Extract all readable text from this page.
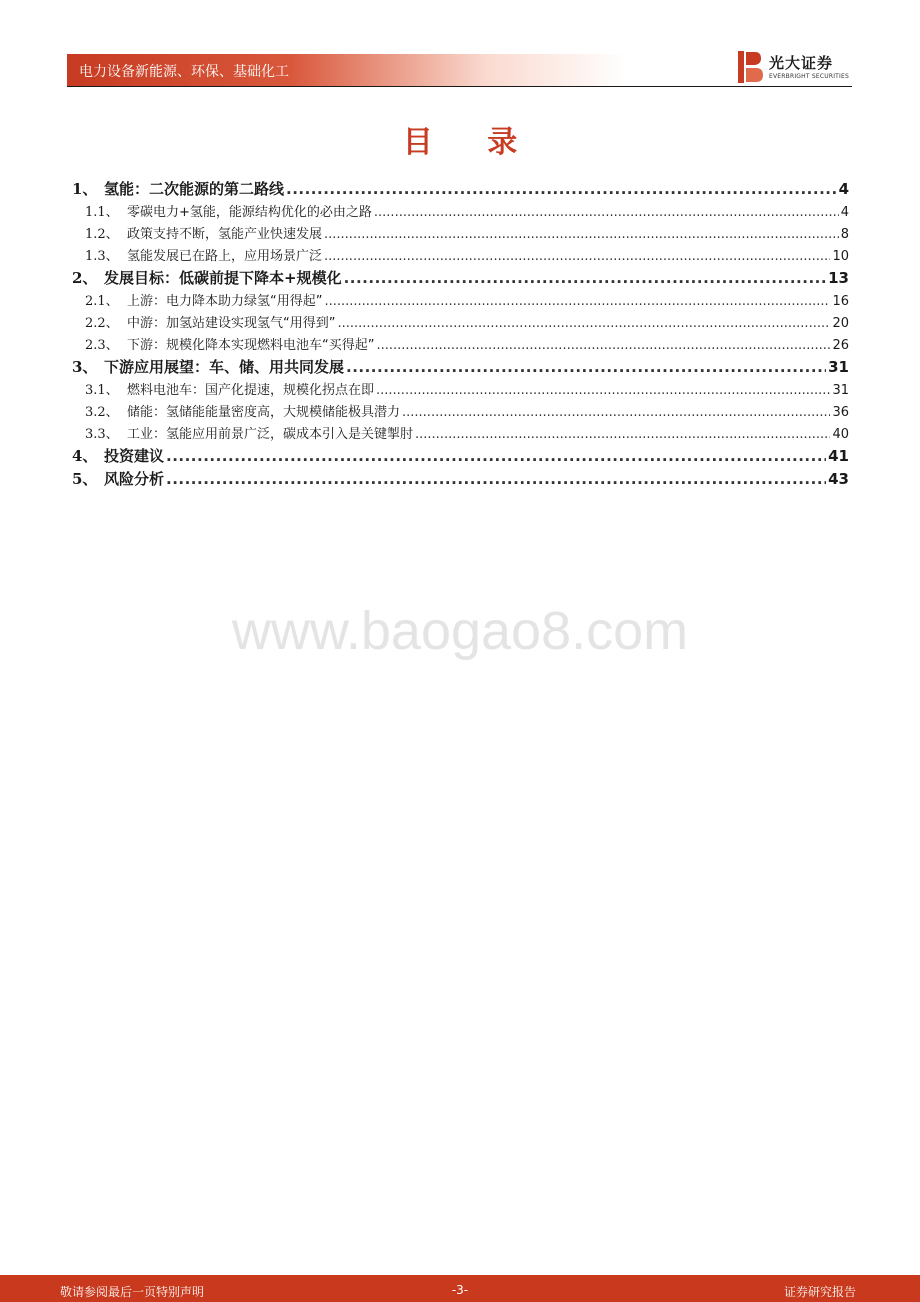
电力设备新能源、环保、基础化工	光大证券
EVERBRIGHT SECURITIES
目 录
1、 氢能：二次能源的第二路线 .....	4
1.1、 零碳电力+氢能，能源结构优化的必由之路 .....	4
1.2、 政策支持不断，氢能产业快速发展 .....	8
1.3、 氢能发展已在路上，应用场景广泛 .....	10
2、 发展目标：低碳前提下降本+规模化 .....	13
2.1、 上游：电力降本助力绿氢“用得起” .....	16
2.2、 中游：加氢站建设实现氢气“用得到” .....	20
2.3、 下游：规模化降本实现燃料电池车“买得起” .....	26
3、 下游应用展望：车、储、用共同发展 .....	31
3.1、 燃料电池车：国产化提速，规模化拐点在即 .....	31
3.2、 储能：氢储能能量密度高，大规模储能极具潜力 .....	36
3.3、 工业：氢能应用前景广泛，碳成本引入是关键掣肘 .....	40
4、 投资建议 .....	41
5、 风险分析 .....	43
www.baogao8.com
敬请参阅最后一页特别声明	-3-	证券研究报告
